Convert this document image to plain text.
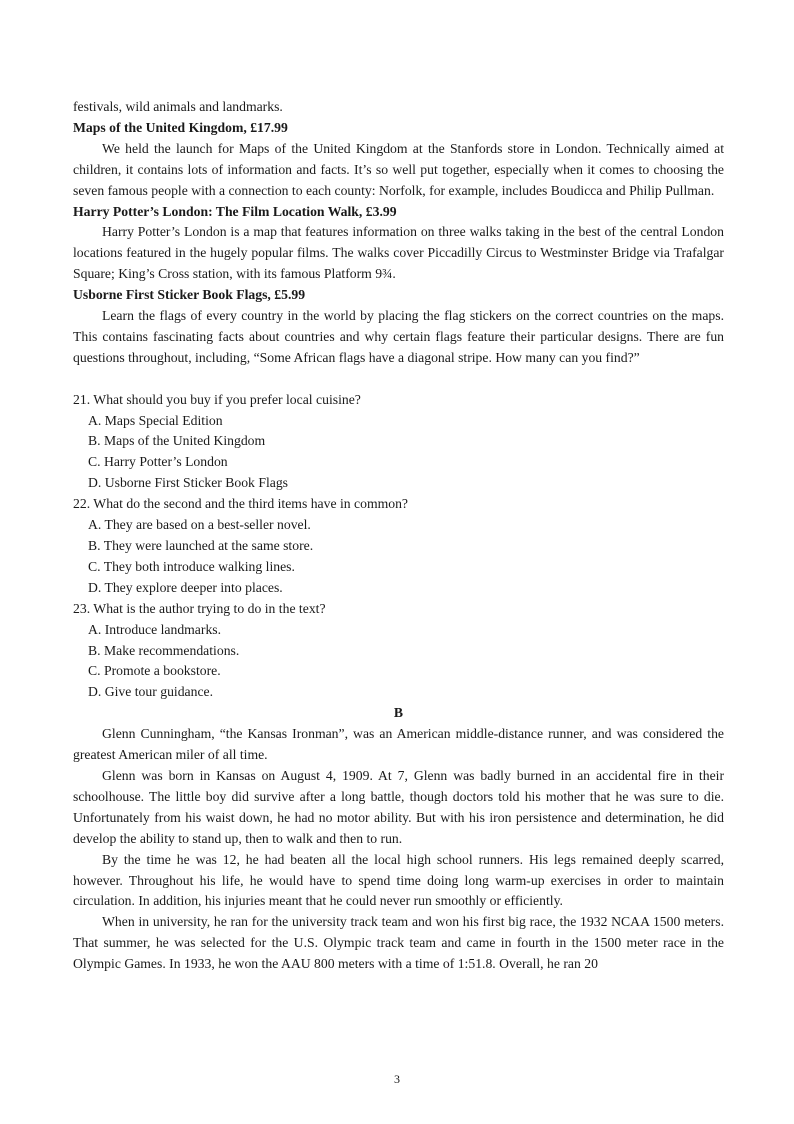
festivals, wild animals and landmarks.

Maps of the United Kingdom, £17.99

We held the launch for Maps of the United Kingdom at the Stanfords store in London. Technically aimed at children, it contains lots of information and facts. It’s so well put together, especially when it comes to choosing the seven famous people with a connection to each county: Norfolk, for example, includes Boudicca and Philip Pullman.

Harry Potter’s London: The Film Location Walk, £3.99

Harry Potter’s London is a map that features information on three walks taking in the best of the central London locations featured in the hugely popular films. The walks cover Piccadilly Circus to Westminster Bridge via Trafalgar Square; King’s Cross station, with its famous Platform 9¾.

Usborne First Sticker Book Flags, £5.99

Learn the flags of every country in the world by placing the flag stickers on the correct countries on the maps. This contains fascinating facts about countries and why certain flags feature their particular designs. There are fun questions throughout, including, “Some African flags have a diagonal stripe. How many can you find?”

21. What should you buy if you prefer local cuisine?

A. Maps Special Edition

B. Maps of the United Kingdom

C. Harry Potter’s London

D. Usborne First Sticker Book Flags

22. What do the second and the third items have in common?

A. They are based on a best-seller novel.

B. They were launched at the same store.

C. They both introduce walking lines.

D. They explore deeper into places.

23. What is the author trying to do in the text?

A. Introduce landmarks.

B. Make recommendations.

C. Promote a bookstore.

D. Give tour guidance.

B

Glenn Cunningham, “the Kansas Ironman”, was an American middle-distance runner, and was considered the greatest American miler of all time.

Glenn was born in Kansas on August 4, 1909. At 7, Glenn was badly burned in an accidental fire in their schoolhouse. The little boy did survive after a long battle, though doctors told his mother that he was sure to die. Unfortunately from his waist down, he had no motor ability. But with his iron persistence and determination, he did develop the ability to stand up, then to walk and then to run.

By the time he was 12, he had beaten all the local high school runners. His legs remained deeply scarred, however. Throughout his life, he would have to spend time doing long warm-up exercises in order to maintain circulation. In addition, his injuries meant that he could never run smoothly or efficiently.

When in university, he ran for the university track team and won his first big race, the 1932 NCAA 1500 meters. That summer, he was selected for the U.S. Olympic track team and came in fourth in the 1500 meter race in the Olympic Games. In 1933, he won the AAU 800 meters with a time of 1:51.8. Overall, he ran 20

3
